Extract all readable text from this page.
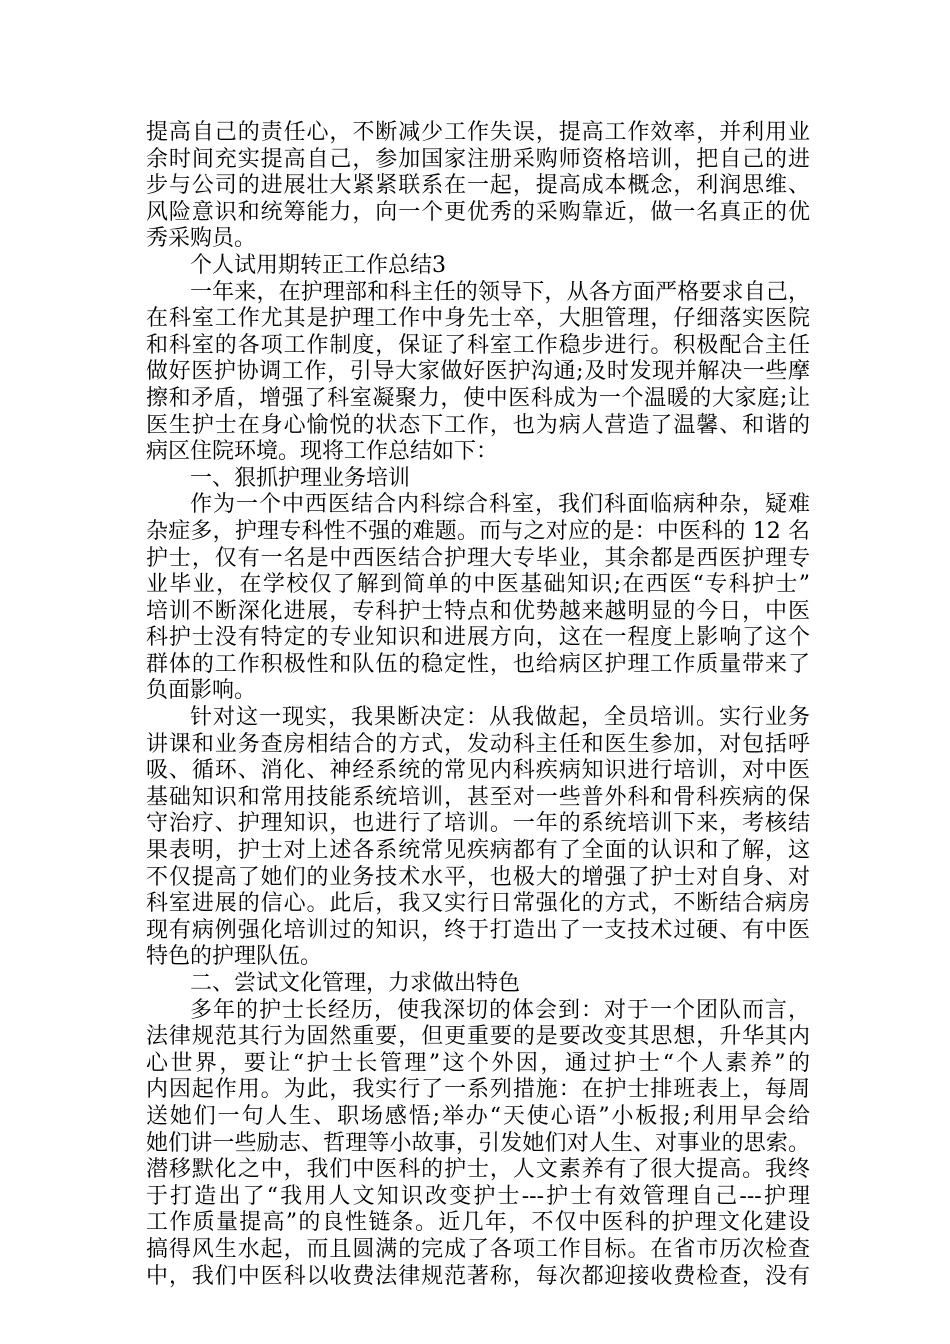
提高自己的责任心，不断减少工作失误，提高工作效率，并利用业
余时间充实提高自己，参加国家注册采购师资格培训，把自己的进
步与公司的进展壮大紧紧联系在一起，提高成本概念，利润思维、
风险意识和统筹能力，向一个更优秀的采购靠近，做一名真正的优
秀采购员。
个人试用期转正工作总结3
一年来，在护理部和科主任的领导下，从各方面严格要求自己，
在科室工作尤其是护理工作中身先士卒，大胆管理，仔细落实医院
和科室的各项工作制度，保证了科室工作稳步进行。积极配合主任
做好医护协调工作，引导大家做好医护沟通;及时发现并解决一些摩
擦和矛盾，增强了科室凝聚力，使中医科成为一个温暖的大家庭;让
医生护士在身心愉悦的状态下工作，也为病人营造了温馨、和谐的
病区住院环境。现将工作总结如下：
一、狠抓护理业务培训
作为一个中西医结合内科综合科室，我们科面临病种杂，疑难
杂症多，护理专科性不强的难题。而与之对应的是：中医科的 12 名
护士，仅有一名是中西医结合护理大专毕业，其余都是西医护理专
业毕业，在学校仅了解到简单的中医基础知识;在西医“专科护士”
培训不断深化进展，专科护士特点和优势越来越明显的今日，中医
科护士没有特定的专业知识和进展方向，这在一程度上影响了这个
群体的工作积极性和队伍的稳定性，也给病区护理工作质量带来了
负面影响。
针对这一现实，我果断决定：从我做起，全员培训。实行业务
讲课和业务查房相结合的方式，发动科主任和医生参加，对包括呼
吸、循环、消化、神经系统的常见内科疾病知识进行培训，对中医
基础知识和常用技能系统培训，甚至对一些普外科和骨科疾病的保
守治疗、护理知识，也进行了培训。一年的系统培训下来，考核结
果表明，护士对上述各系统常见疾病都有了全面的认识和了解，这
不仅提高了她们的业务技术水平，也极大的增强了护士对自身、对
科室进展的信心。此后，我又实行日常强化的方式，不断结合病房
现有病例强化培训过的知识，终于打造出了一支技术过硬、有中医
特色的护理队伍。
二、尝试文化管理，力求做出特色
多年的护士长经历，使我深切的体会到：对于一个团队而言，
法律规范其行为固然重要，但更重要的是要改变其思想，升华其内
心世界，要让“护士长管理”这个外因，通过护士“个人素养”的
内因起作用。为此，我实行了一系列措施：在护士排班表上，每周
送她们一句人生、职场感悟;举办“天使心语”小板报;利用早会给
她们讲一些励志、哲理等小故事，引发她们对人生、对事业的思索。
潜移默化之中，我们中医科的护士，人文素养有了很大提高。我终
于打造出了“我用人文知识改变护士---护士有效管理自己---护理
工作质量提高”的良性链条。近几年，不仅中医科的护理文化建设
搞得风生水起，而且圆满的完成了各项工作目标。在省市历次检查
中，我们中医科以收费法律规范著称，每次都迎接收费检查，没有
